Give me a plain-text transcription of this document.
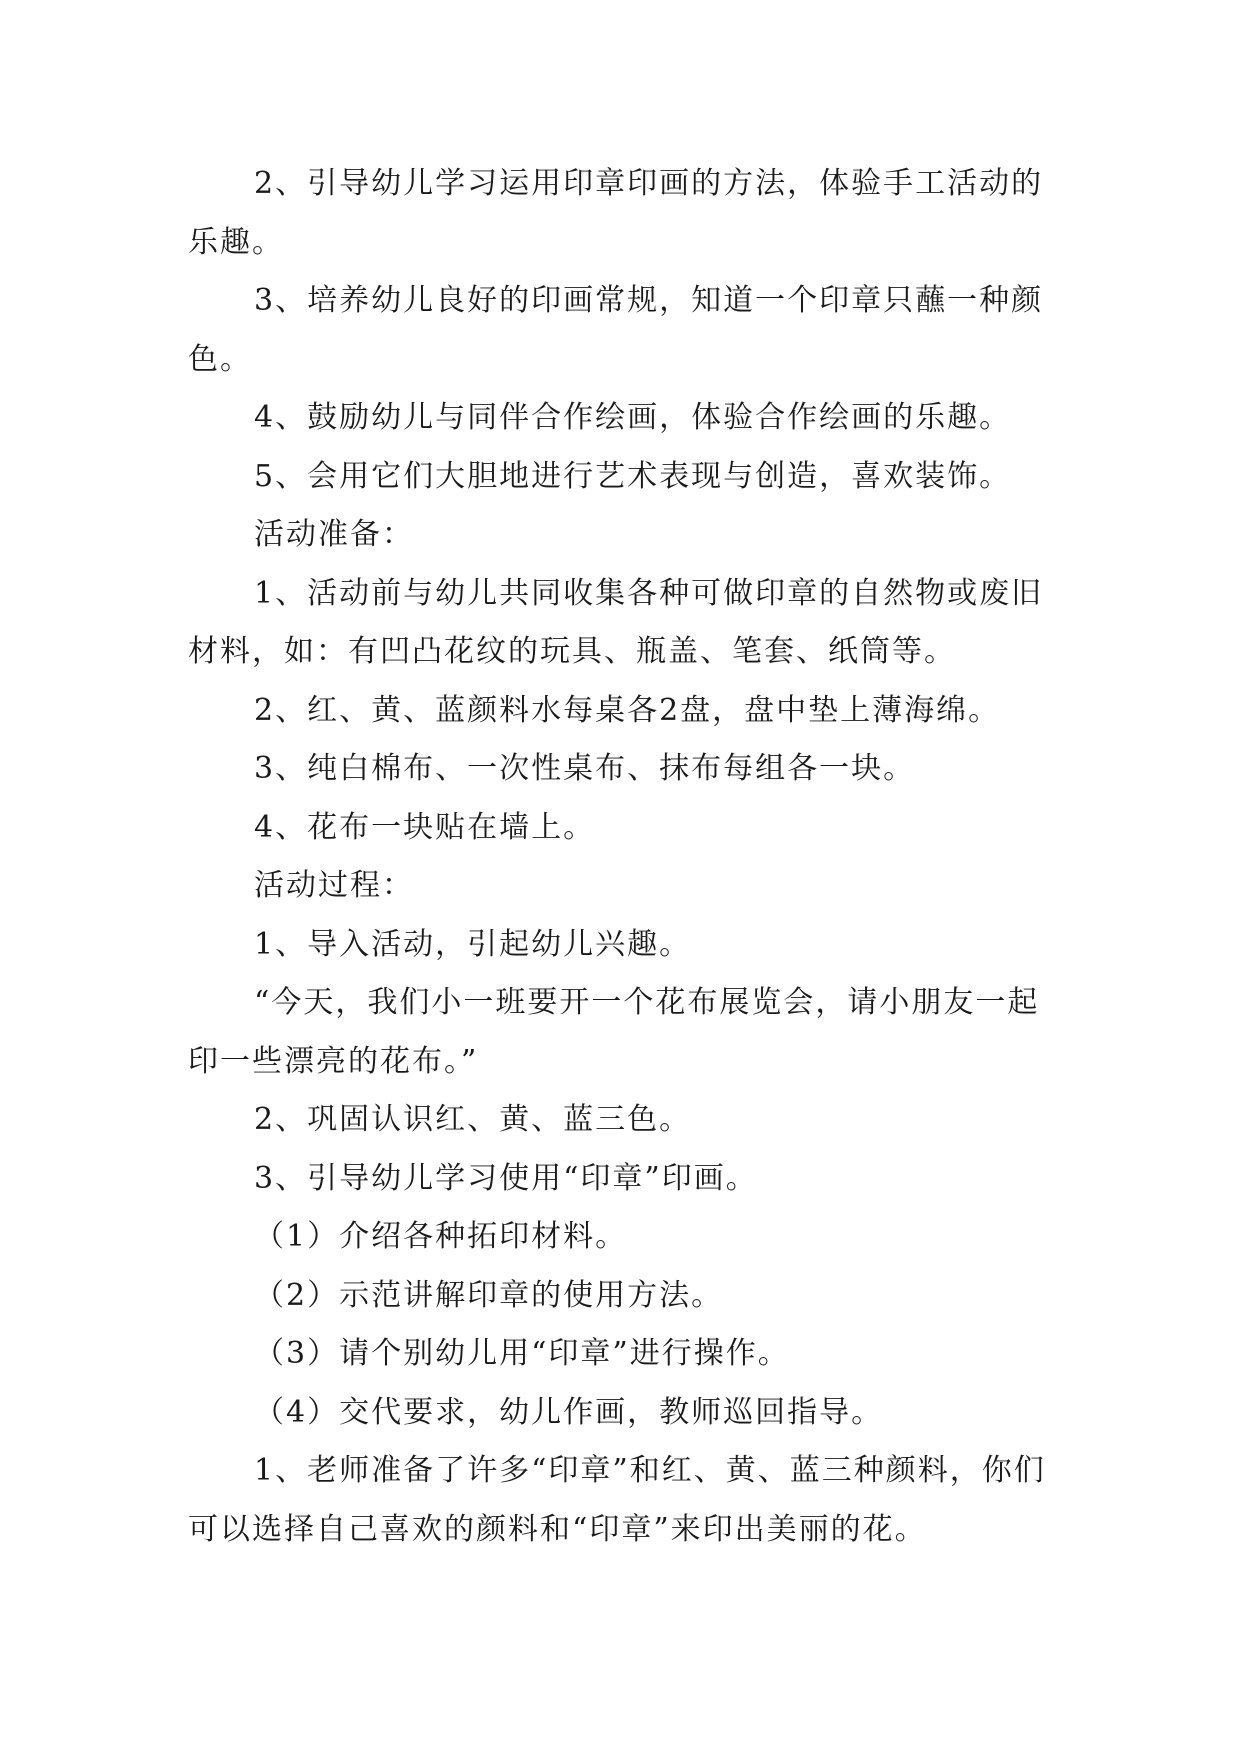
2、引导幼儿学习运用印章印画的方法，体验手工活动的乐趣。

3、培养幼儿良好的印画常规，知道一个印章只蘸一种颜色。

4、鼓励幼儿与同伴合作绘画，体验合作绘画的乐趣。

5、会用它们大胆地进行艺术表现与创造，喜欢装饰。

活动准备：

1、活动前与幼儿共同收集各种可做印章的自然物或废旧材料，如：有凹凸花纹的玩具、瓶盖、笔套、纸筒等。

2、红、黄、蓝颜料水每桌各2盘，盘中垫上薄海绵。

3、纯白棉布、一次性桌布、抹布每组各一块。

4、花布一块贴在墙上。

活动过程：

1、导入活动，引起幼儿兴趣。

“今天，我们小一班要开一个花布展览会，请小朋友一起印一些漂亮的花布。”

2、巩固认识红、黄、蓝三色。

3、引导幼儿学习使用“印章”印画。

（1）介绍各种拓印材料。

（2）示范讲解印章的使用方法。

（3）请个别幼儿用“印章”进行操作。

（4）交代要求，幼儿作画，教师巡回指导。

1、老师准备了许多“印章”和红、黄、蓝三种颜料，你们可以选择自己喜欢的颜料和“印章”来印出美丽的花。
